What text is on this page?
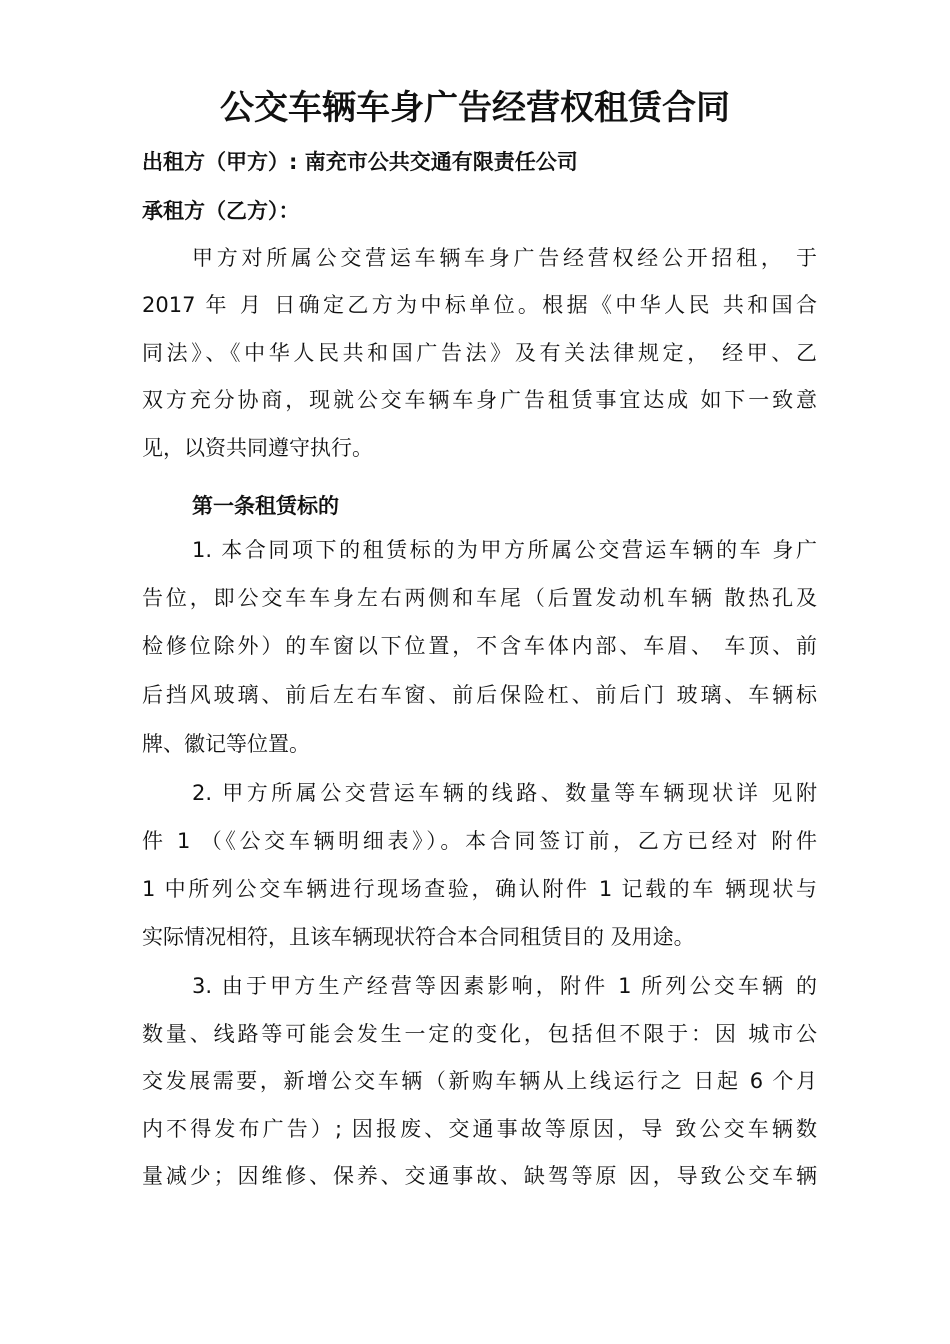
公交车辆车身广告经营权租赁合同
出租方（甲方）: 南充市公共交通有限责任公司
承租方（乙方）：
甲方对所属公交营运车辆车身广告经营权经公开招租， 于
2017 年 月 日确定乙方为中标单位。根据《中华人民 共和国合
同法》、《中华人民共和国广告法》及有关法律规定， 经甲、乙
双方充分协商，现就公交车辆车身广告租赁事宜达成 如下一致意
见，以资共同遵守执行。
第一条租赁标的
1. 本合同项下的租赁标的为甲方所属公交营运车辆的车 身广
告位，即公交车车身左右两侧和车尾（后置发动机车辆 散热孔及
检修位除外）的车窗以下位置，不含车体内部、车眉、 车顶、前
后挡风玻璃、前后左右车窗、前后保险杠、前后门 玻璃、车辆标
牌、徽记等位置。
2. 甲方所属公交营运车辆的线路、数量等车辆现状详 见附
件 1 （《公交车辆明细表》）。本合同签订前，乙方已经对 附件
1 中所列公交车辆进行现场查验，确认附件 1 记载的车 辆现状与
实际情况相符，且该车辆现状符合本合同租赁目的 及用途。
3. 由于甲方生产经营等因素影响，附件 1 所列公交车辆 的
数量、线路等可能会发生一定的变化，包括但不限于：因 城市公
交发展需要，新增公交车辆（新购车辆从上线运行之 日起 6 个月
内不得发布广告）; 因报废、交通事故等原因，导 致公交车辆数
量减少；因维修、保养、交通事故、缺驾等原 因，导致公交车辆
